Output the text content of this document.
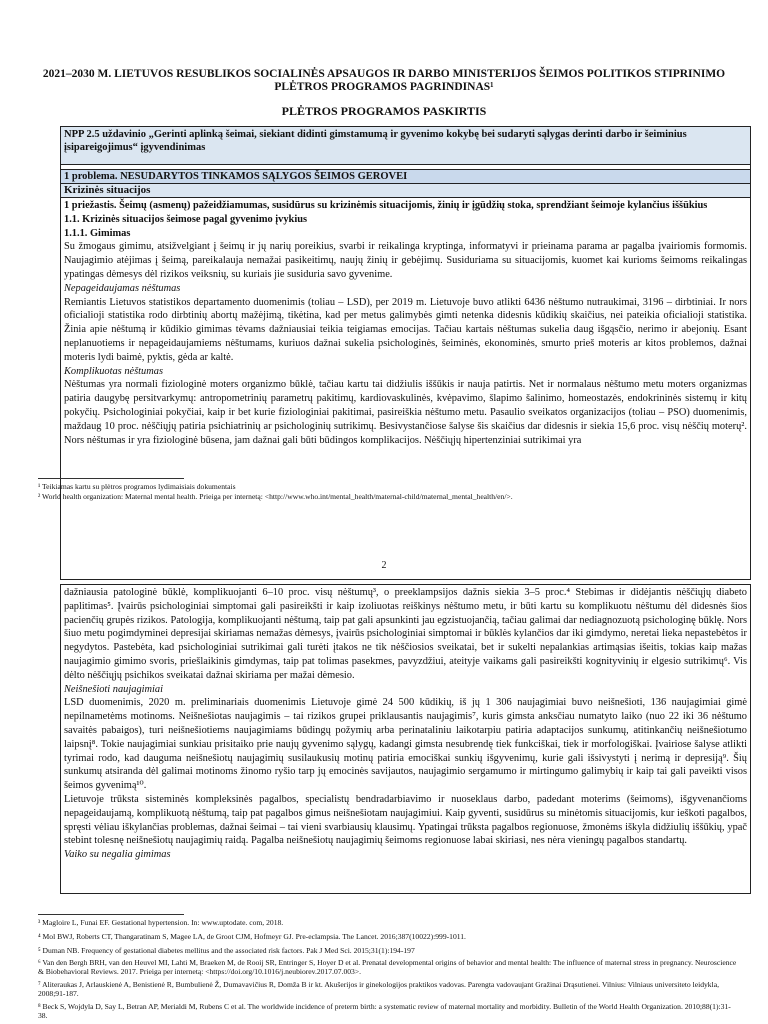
2021–2030 M. LIETUVOS RESUBLIKOS SOCIALINĖS APSAUGOS IR DARBO MINISTERIJOS ŠEIMOS POLITIKOS STIPRINIMO PLĖTROS PROGRAMOS PAGRINDINAS¹
PLĖTROS PROGRAMOS PASKIRTIS
NPP 2.5 uždavinio „Gerinti aplinką šeimai, siekiant didinti gimstamumą ir gyvenimo kokybę bei sudaryti sąlygas derinti darbo ir šeiminius įsipareigojimus“ įgyvendinimas
1 problema. NESUDARYTOS TINKAMOS SĄLYGOS ŠEIMOS GEROVEI
Krizinės situacijos

1 priežastis. Šeimų (asmenų) pažeidžiamumas, susidūrus su krizinėmis situacijomis, žinių ir įgūdžių stoka, sprendžiant šeimoje kylančius iššūkius

1.1. Krizinės situacijos šeimose pagal gyvenimo įvykius

1.1.1. Gimimas

Su žmogaus gimimu, atsižvelgiant į šeimų ir jų narių poreikius, svarbi ir reikalinga kryptinga, informatyvi ir prieinama parama ar pagalba įvairiomis formomis. Naujagimio atėjimas į šeimą, pareikalauja nemažai pasikeitimų, naujų žinių ir gebėjimų. Susiduriama su situacijomis, kuomet kai kurioms šeimoms reikalingas ypatingas dėmesys dėl rizikos veiksnių, su kuriais jie susiduria savo gyvenime.

Nepageidaujamas nėštumas

Remiantis Lietuvos statistikos departamento duomenimis (toliau – LSD), per 2019 m. Lietuvoje buvo atlikti 6436 nėštumo nutraukimai, 3196 – dirbtiniai. Ir nors oficialioji statistika rodo dirbtinių abortų mažėjimą, tikėtina, kad per metus galimybės gimti netenka didesnis kūdikių skaičius, nei pateikia oficialioji statistika. Žinia apie nėštumą ir kūdikio gimimas tėvams dažniausiai teikia teigiamas emocijas. Tačiau kartais nėštumas sukelia daug išgąsčio, nerimo ir abejonių. Esant neplanuotiems ir nepageidaujamiems nėštumams, kuriuos dažnai sukelia psichologinės, šeiminės, ekonominės, smurto prieš moteris ar kitos problemos, dažnai moteris lydi baimė, pyktis, gėda ar kaltė.

Komplikuotas nėštumas

Nėštumas yra normali fiziologinė moters organizmo būklė, tačiau kartu tai didžiulis iššūkis ir nauja patirtis. Net ir normalaus nėštumo metu moters organizmas patiria daugybę persitvarkymų: antropometrinių parametrų pakitimų, kardiovaskulinės, kvėpavimo, šlapimo šalinimo, homeostazės, endokrininės sistemų ir kitų pokyčių. Psichologiniai pokyčiai, kaip ir bet kurie fiziologiniai pakitimai, pasireiškia nėštumo metu. Pasaulio sveikatos organizacijos (toliau – PSO) duomenimis, maždaug 10 proc. nėščiųjų patiria psichiatrinių ar psichologinių sutrikimų. Besivystančiose šalyse šis skaičius dar didesnis ir siekia 15,6 proc. visų nėščių moterų². Nors nėštumas ir yra fiziologinė būsena, jam dažnai gali būti būdingos komplikacijos. Nėščiųjų hipertenziniai sutrikimai yra

¹ Teikiamas kartu su plėtros programos lydimaisiais dokumentais
² World health organization: Maternal mental health. Prieiga per internetą: <http://www.who.int/mental_health/maternal-child/maternal_mental_health/en/>.
2

dažniausia patologinė būklė, komplikuojanti 6–10 proc. visų nėštumų³, o preeklampsijos dažnis siekia 3–5 proc.⁴ Stebimas ir didėjantis nėščiųjų diabeto paplitimas⁵. Įvairūs psichologiniai simptomai gali pasireikšti ir kaip izoliuotas reiškinys nėštumo metu, ir būti kartu su komplikuotu nėštumu dėl didesnės šios pacienčių grupės rizikos. Patologija, komplikuojanti nėštumą, taip pat gali apsunkinti jau egzistuojančią, tačiau galimai dar nediagnozuotą psichologinę būklę. Nors šiuo metu pogimdyminei depresijai skiriamas nemažas dėmesys, įvairūs psichologiniai simptomai ir būklės kylančios dar iki gimdymo, neretai lieka nepastebėtos ir negydytos. Pastebėta, kad psichologiniai sutrikimai gali turėti įtakos ne tik nėščiosios sveikatai, bet ir sukelti nepalankias artimąsias išeitis, tokias kaip mažas naujagimio gimimo svoris, priešlaikinis gimdymas, taip pat tolimas pasekmes, pavyzdžiui, ateityje vaikams gali pasireikšti kognityvinių ir elgesio sutrikimų⁶. Vis dėlto nėščiųjų psichikos sveikatai dažnai skiriama per mažai dėmesio.

Neišnešioti naujagimiai

LSD duomenimis, 2020 m. preliminariais duomenimis Lietuvoje gimė 24 500 kūdikių, iš jų 1 306 naujagimiai buvo neišnešioti, 136 naujagimiai gimė nepilnametėms motinoms. Neišnešiotas naujagimis – tai rizikos grupei priklausantis naujagimis⁷, kuris gimsta anksčiau numatyto laiko (nuo 22 iki 36 nėštumo savaitės pabaigos), turi neišnešiotiems naujagimiams būdingų požymių arba perinataliniu laikotarpiu patiria adaptacijos sunkumų, atitinkančių neišnešiotumo laipsnį⁸. Tokie naujagimiai sunkiau prisitaiko prie naujų gyvenimo sąlygų, kadangi gimsta nesubrendę tiek funkciškai, tiek ir morfologiškai. Įvairiose šalyse atlikti tyrimai rodo, kad dauguma neišnešiotų naujagimių susilaukusių motinų patiria emociškai sunkių išgyvenimų, kurie gali išsivystyti į nerimą ir depresiją⁹. Šių sunkumų atsiranda dėl galimai motinoms žinomo ryšio tarp jų emocinės savijautos, naujagimio sergamumo ir mirtingumo galimybių ir kaip tai gali paveikti visos šeimos gyvenimą¹⁰.

Lietuvoje trūksta sisteminės kompleksinės pagalbos, specialistų bendradarbiavimo ir nuoseklaus darbo, padedant moterims (šeimoms), išgyvenančioms nepageidaujamą, komplikuotą nėštumą, taip pat pagalbos gimus neišnešiotam naujagimiui. Kaip gyventi, susidūrus su minėtomis situacijomis, kur ieškoti pagalbos, spręsti vėliau iškylančias problemas, dažnai šeimai – tai vieni svarbiausių klausimų. Ypatingai trūksta pagalbos regionuose, žmonėms iškyla didžiulių iššūkių, ypač stebint tolesnę neišnešiotų naujagimių raidą. Pagalba neišnešiotų naujagimių šeimoms regionuose labai skiriasi, nes nėra vieningų pagalbos standartų.

Vaiko su negalia gimimas

³ Magloire L, Funai EF. Gestational hypertension. In: www.uptodate. com, 2018.
⁴ Mol BWJ, Roberts CT, Thangaratinam S, Magee LA, de Groot CJM, Hofmeyr GJ. Pre-eclampsia. The Lancet. 2016;387(10022):999-1011.
⁵ Duman NB. Frequency of gestational diabetes mellitus and the associated risk factors. Pak J Med Sci. 2015;31(1):194-197
⁶ Van den Bergh BRH, van den Heuvel MI, Lahti M, Braeken M, de Rooij SR, Entringer S, Hoyer D et al. Prenatal developmental origins of behavior and mental health: The influence of maternal stress in pregnancy. Neuroscience & Biobehavioral Reviews. 2017. Prieiga per internetą: <https://doi.org/10.1016/j.neubiorev.2017.07.003>.
⁷ Aliteraukas J, Arlauskienė A, Benistienė R, Bumbulienė Ž, Dumavavičius R, Domža B ir kt. Akušerijos ir ginekologijos praktikos vadovas. Parengta vadovaujant Gražinai Drąsutienei. Vilnius: Vilniaus universiteto leidykla, 2008;91-187.
⁸ Beck S, Wojdyla D, Say L, Betran AP, Merialdi M, Rubens C et al. The worldwide incidence of preterm birth: a systematic review of maternal mortality and morbidity. Bulletin of the World Health Organization. 2010;88(1):31-38.
